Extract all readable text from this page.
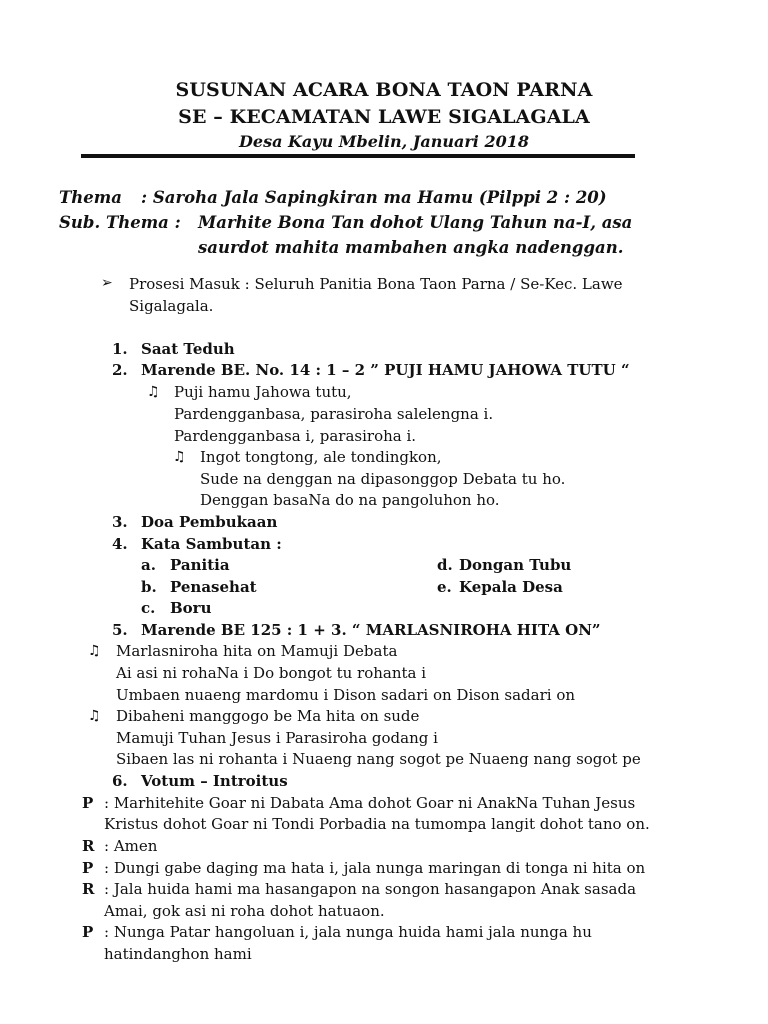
SUSUNAN ACARA BONA TAON PARNA
SE – KECAMATAN LAWE SIGALAGALA
Desa Kayu Mbelin, Januari 2018
Thema : Saroha Jala Sapingkiran ma Hamu (Pilppi 2 : 20)
Sub. Thema : Marhite Bona Tan dohot Ulang Tahun na-I, asa
saurdot mahita mambahen angka nadenggan.
➢ Prosesi Masuk : Seluruh Panitia Bona Taon Parna / Se-Kec. Lawe
Sigalagala.
1. Saat Teduh
2. Marende BE. No. 14 : 1 – 2 ” PUJI HAMU JAHOWA TUTU “
♫ Puji hamu Jahowa tutu,
Pardengganbasa, parasiroha salelengna i.
Pardengganbasa i, parasiroha i.
♫ Ingot tongtong, ale tondingkon,
Sude na denggan na dipasonggop Debata tu ho.
Denggan basaNa do na pangoluhon ho.
3. Doa Pembukaan
4. Kata Sambutan :
a. Panitia
b. Penasehat
c. Boru
d. Dongan Tubu
e. Kepala Desa
5. Marende BE 125 : 1 + 3. “ MARLASNIROHA HITA ON”
♫ Marlasniroha hita on Mamuji Debata
Ai asi ni rohaNa i Do bongot tu rohanta i
Umbaen nuaeng mardomu i Dison sadari on Dison sadari on
♫ Dibaheni manggogo be Ma hita on sude
Mamuji Tuhan Jesus i Parasiroha godang i
Sibaen las ni rohanta i Nuaeng nang sogot pe Nuaeng nang sogot pe
6. Votum – Introitus
P : Marhitehite Goar ni Dabata Ama dohot Goar ni AnakNa Tuhan Jesus
Kristus dohot Goar ni Tondi Porbadia na tumompa langit dohot tano on.
R : Amen
P : Dungi gabe daging ma hata i, jala nunga maringan di tonga ni hita on
R : Jala huida hami ma hasangapon na songon hasangapon Anak sasada
Amai, gok asi ni roha dohot hatuaon.
P : Nunga Patar hangoluan i, jala nunga huida hami jala nunga hu
hatindanghon hami
